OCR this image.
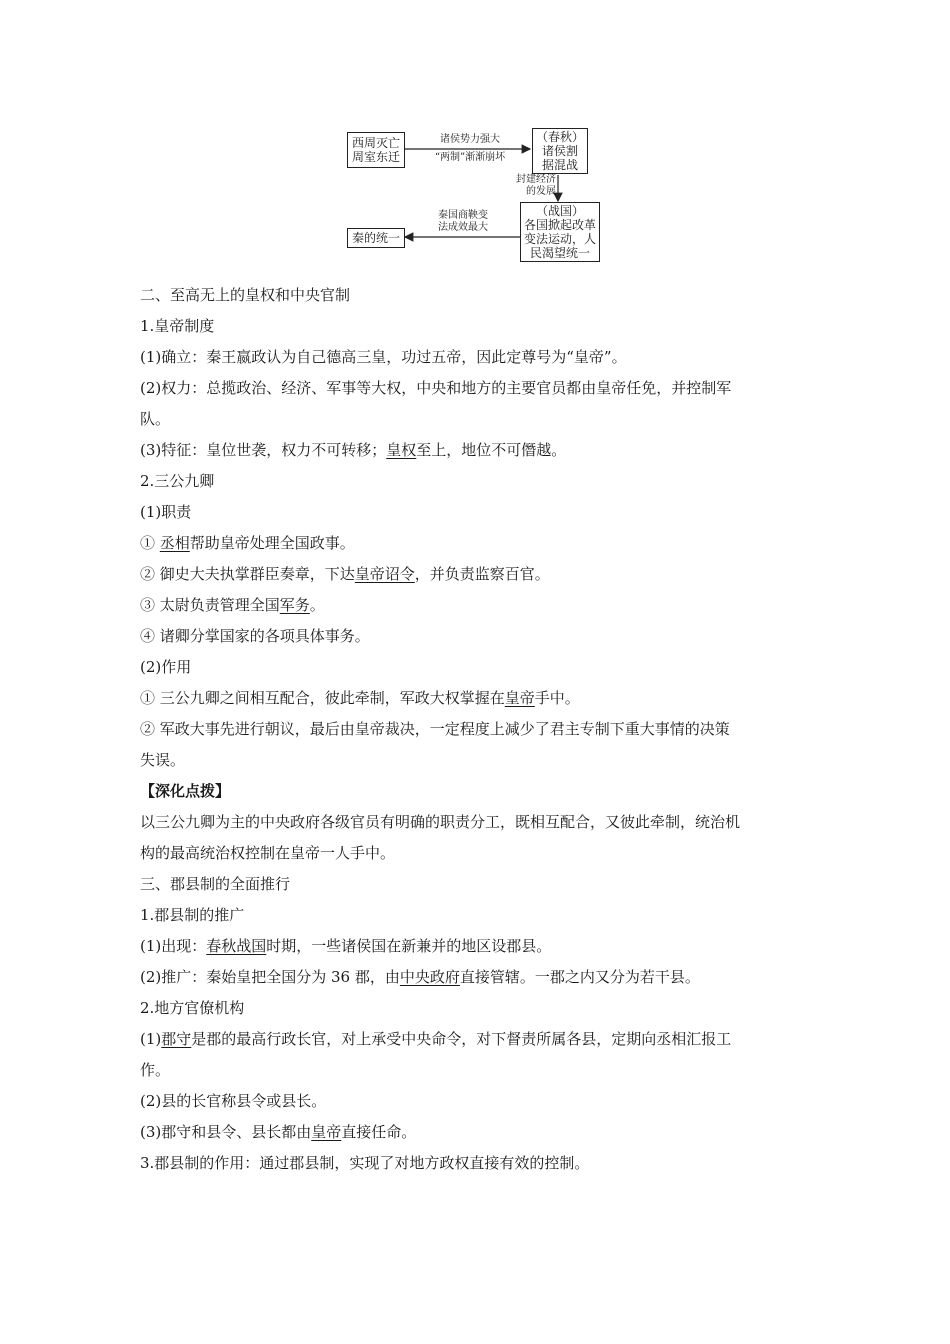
西周灭亡
周室东迁
诸侯势力强大
“两制”渐渐崩坏
（春秋）
诸侯割
据混战
封建经济
的发展
（战国）
各国掀起改革
变法运动，人
民渴望统一
秦国商鞅变
法成效最大
秦的统一
二、至高无上的皇权和中央官制
1.皇帝制度
(1)确立：秦王嬴政认为自己德高三皇，功过五帝，因此定尊号为“皇帝”。
(2)权力：总揽政治、经济、军事等大权，中央和地方的主要官员都由皇帝任免，并控制军
队。
(3)特征：皇位世袭，权力不可转移；皇权至上，地位不可僭越。
2.三公九卿
(1)职责
① 丞相帮助皇帝处理全国政事。
② 御史大夫执掌群臣奏章，下达皇帝诏令，并负责监察百官。
③ 太尉负责管理全国军务。
④ 诸卿分掌国家的各项具体事务。
(2)作用
① 三公九卿之间相互配合，彼此牵制，军政大权掌握在皇帝手中。
② 军政大事先进行朝议，最后由皇帝裁决，一定程度上减少了君主专制下重大事情的决策
失误。
【深化点拨】
以三公九卿为主的中央政府各级官员有明确的职责分工，既相互配合，又彼此牵制，统治机
构的最高统治权控制在皇帝一人手中。
三、郡县制的全面推行
1.郡县制的推广
(1)出现：春秋战国时期，一些诸侯国在新兼并的地区设郡县。
(2)推广：秦始皇把全国分为 36 郡，由中央政府直接管辖。一郡之内又分为若干县。
2.地方官僚机构
(1)郡守是郡的最高行政长官，对上承受中央命令，对下督责所属各县，定期向丞相汇报工
作。
(2)县的长官称县令或县长。
(3)郡守和县令、县长都由皇帝直接任命。
3.郡县制的作用：通过郡县制，实现了对地方政权直接有效的控制。
